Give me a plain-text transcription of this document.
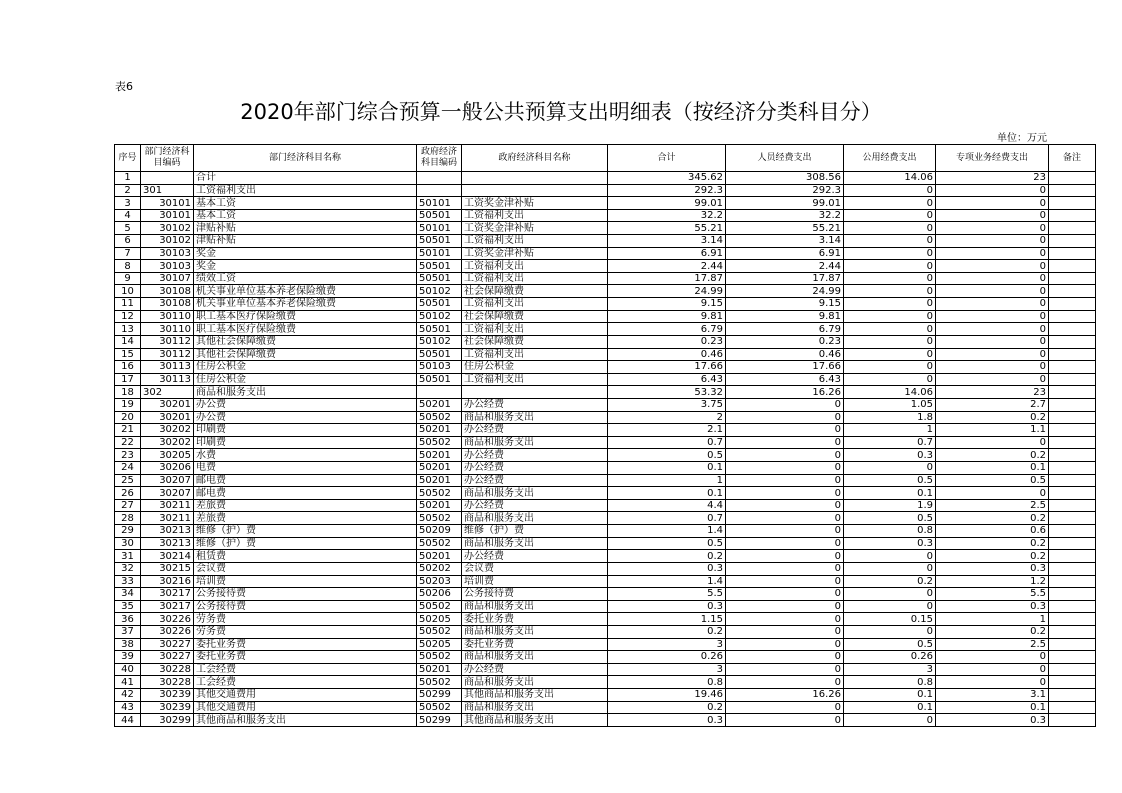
表6
2020年部门综合预算一般公共预算支出明细表（按经济分类科目分）
单位：万元
序号	部门经济科目编码	部门经济科目名称	政府经济科目编码	政府经济科目名称	合计	人员经费支出	公用经费支出	专项业务经费支出	备注
1		合计			345.62	308.56	14.06	23	
2	301	工资福利支出			292.3	292.3	0	0	
3	30101	基本工资	50101	工资奖金津补贴	99.01	99.01	0	0	
4	30101	基本工资	50501	工资福利支出	32.2	32.2	0	0	
5	30102	津贴补贴	50101	工资奖金津补贴	55.21	55.21	0	0	
6	30102	津贴补贴	50501	工资福利支出	3.14	3.14	0	0	
7	30103	奖金	50101	工资奖金津补贴	6.91	6.91	0	0	
8	30103	奖金	50501	工资福利支出	2.44	2.44	0	0	
9	30107	绩效工资	50501	工资福利支出	17.87	17.87	0	0	
10	30108	机关事业单位基本养老保险缴费	50102	社会保障缴费	24.99	24.99	0	0	
11	30108	机关事业单位基本养老保险缴费	50501	工资福利支出	9.15	9.15	0	0	
12	30110	职工基本医疗保险缴费	50102	社会保障缴费	9.81	9.81	0	0	
13	30110	职工基本医疗保险缴费	50501	工资福利支出	6.79	6.79	0	0	
14	30112	其他社会保障缴费	50102	社会保障缴费	0.23	0.23	0	0	
15	30112	其他社会保障缴费	50501	工资福利支出	0.46	0.46	0	0	
16	30113	住房公积金	50103	住房公积金	17.66	17.66	0	0	
17	30113	住房公积金	50501	工资福利支出	6.43	6.43	0	0	
18	302	商品和服务支出			53.32	16.26	14.06	23	
19	30201	办公费	50201	办公经费	3.75	0	1.05	2.7	
20	30201	办公费	50502	商品和服务支出	2	0	1.8	0.2	
21	30202	印刷费	50201	办公经费	2.1	0	1	1.1	
22	30202	印刷费	50502	商品和服务支出	0.7	0	0.7	0	
23	30205	水费	50201	办公经费	0.5	0	0.3	0.2	
24	30206	电费	50201	办公经费	0.1	0	0	0.1	
25	30207	邮电费	50201	办公经费	1	0	0.5	0.5	
26	30207	邮电费	50502	商品和服务支出	0.1	0	0.1	0	
27	30211	差旅费	50201	办公经费	4.4	0	1.9	2.5	
28	30211	差旅费	50502	商品和服务支出	0.7	0	0.5	0.2	
29	30213	维修（护）费	50209	维修（护）费	1.4	0	0.8	0.6	
30	30213	维修（护）费	50502	商品和服务支出	0.5	0	0.3	0.2	
31	30214	租赁费	50201	办公经费	0.2	0	0	0.2	
32	30215	会议费	50202	会议费	0.3	0	0	0.3	
33	30216	培训费	50203	培训费	1.4	0	0.2	1.2	
34	30217	公务接待费	50206	公务接待费	5.5	0	0	5.5	
35	30217	公务接待费	50502	商品和服务支出	0.3	0	0	0.3	
36	30226	劳务费	50205	委托业务费	1.15	0	0.15	1	
37	30226	劳务费	50502	商品和服务支出	0.2	0	0	0.2	
38	30227	委托业务费	50205	委托业务费	3	0	0.5	2.5	
39	30227	委托业务费	50502	商品和服务支出	0.26	0	0.26	0	
40	30228	工会经费	50201	办公经费	3	0	3	0	
41	30228	工会经费	50502	商品和服务支出	0.8	0	0.8	0	
42	30239	其他交通费用	50299	其他商品和服务支出	19.46	16.26	0.1	3.1	
43	30239	其他交通费用	50502	商品和服务支出	0.2	0	0.1	0.1	
44	30299	其他商品和服务支出	50299	其他商品和服务支出	0.3	0	0	0.3	
